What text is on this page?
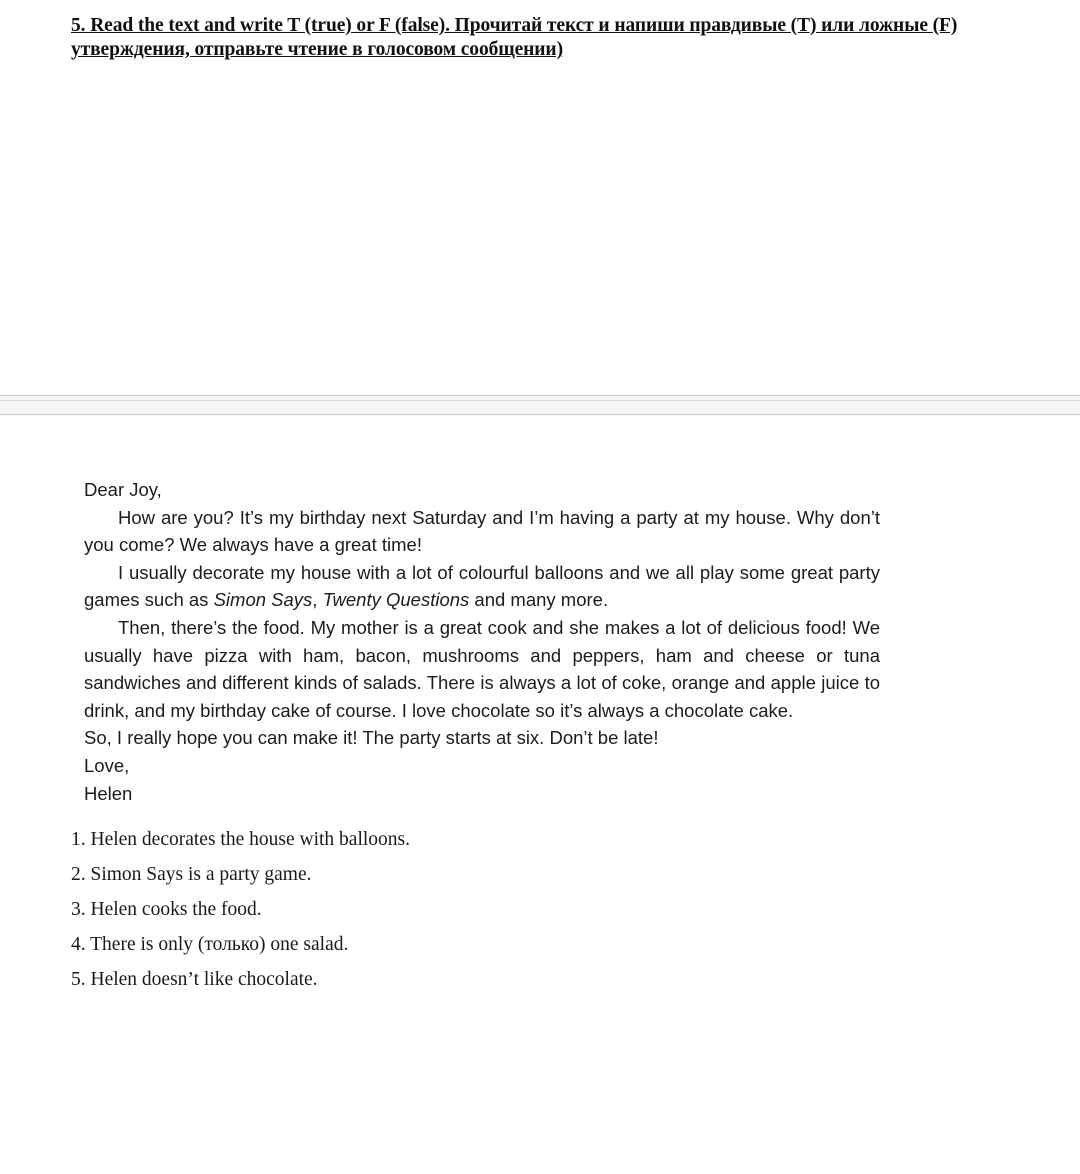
5. Read the text and write T (true) or F (false). Прочитай текст и напиши правдивые (T) или ложные (F) утверждения, отправьте чтение в голосовом сообщении)

Dear Joy,

How are you? It’s my birthday next Saturday and I’m having a party at my house. Why don’t you come? We always have a great time!

I usually decorate my house with a lot of colourful balloons and we all play some great party games such as Simon Says, Twenty Questions and many more.

Then, there’s the food. My mother is a great cook and she makes a lot of delicious food! We usually have pizza with ham, bacon, mushrooms and peppers, ham and cheese or tuna sandwiches and different kinds of salads. There is always a lot of coke, orange and apple juice to drink, and my birthday cake of course. I love chocolate so it’s always a chocolate cake.

So, I really hope you can make it! The party starts at six. Don’t be late!

Love,

Helen

1. Helen decorates the house with balloons.
2. Simon Says is a party game.
3. Helen cooks the food.
4. There is only (только) one salad.
5. Helen doesn’t like chocolate.
